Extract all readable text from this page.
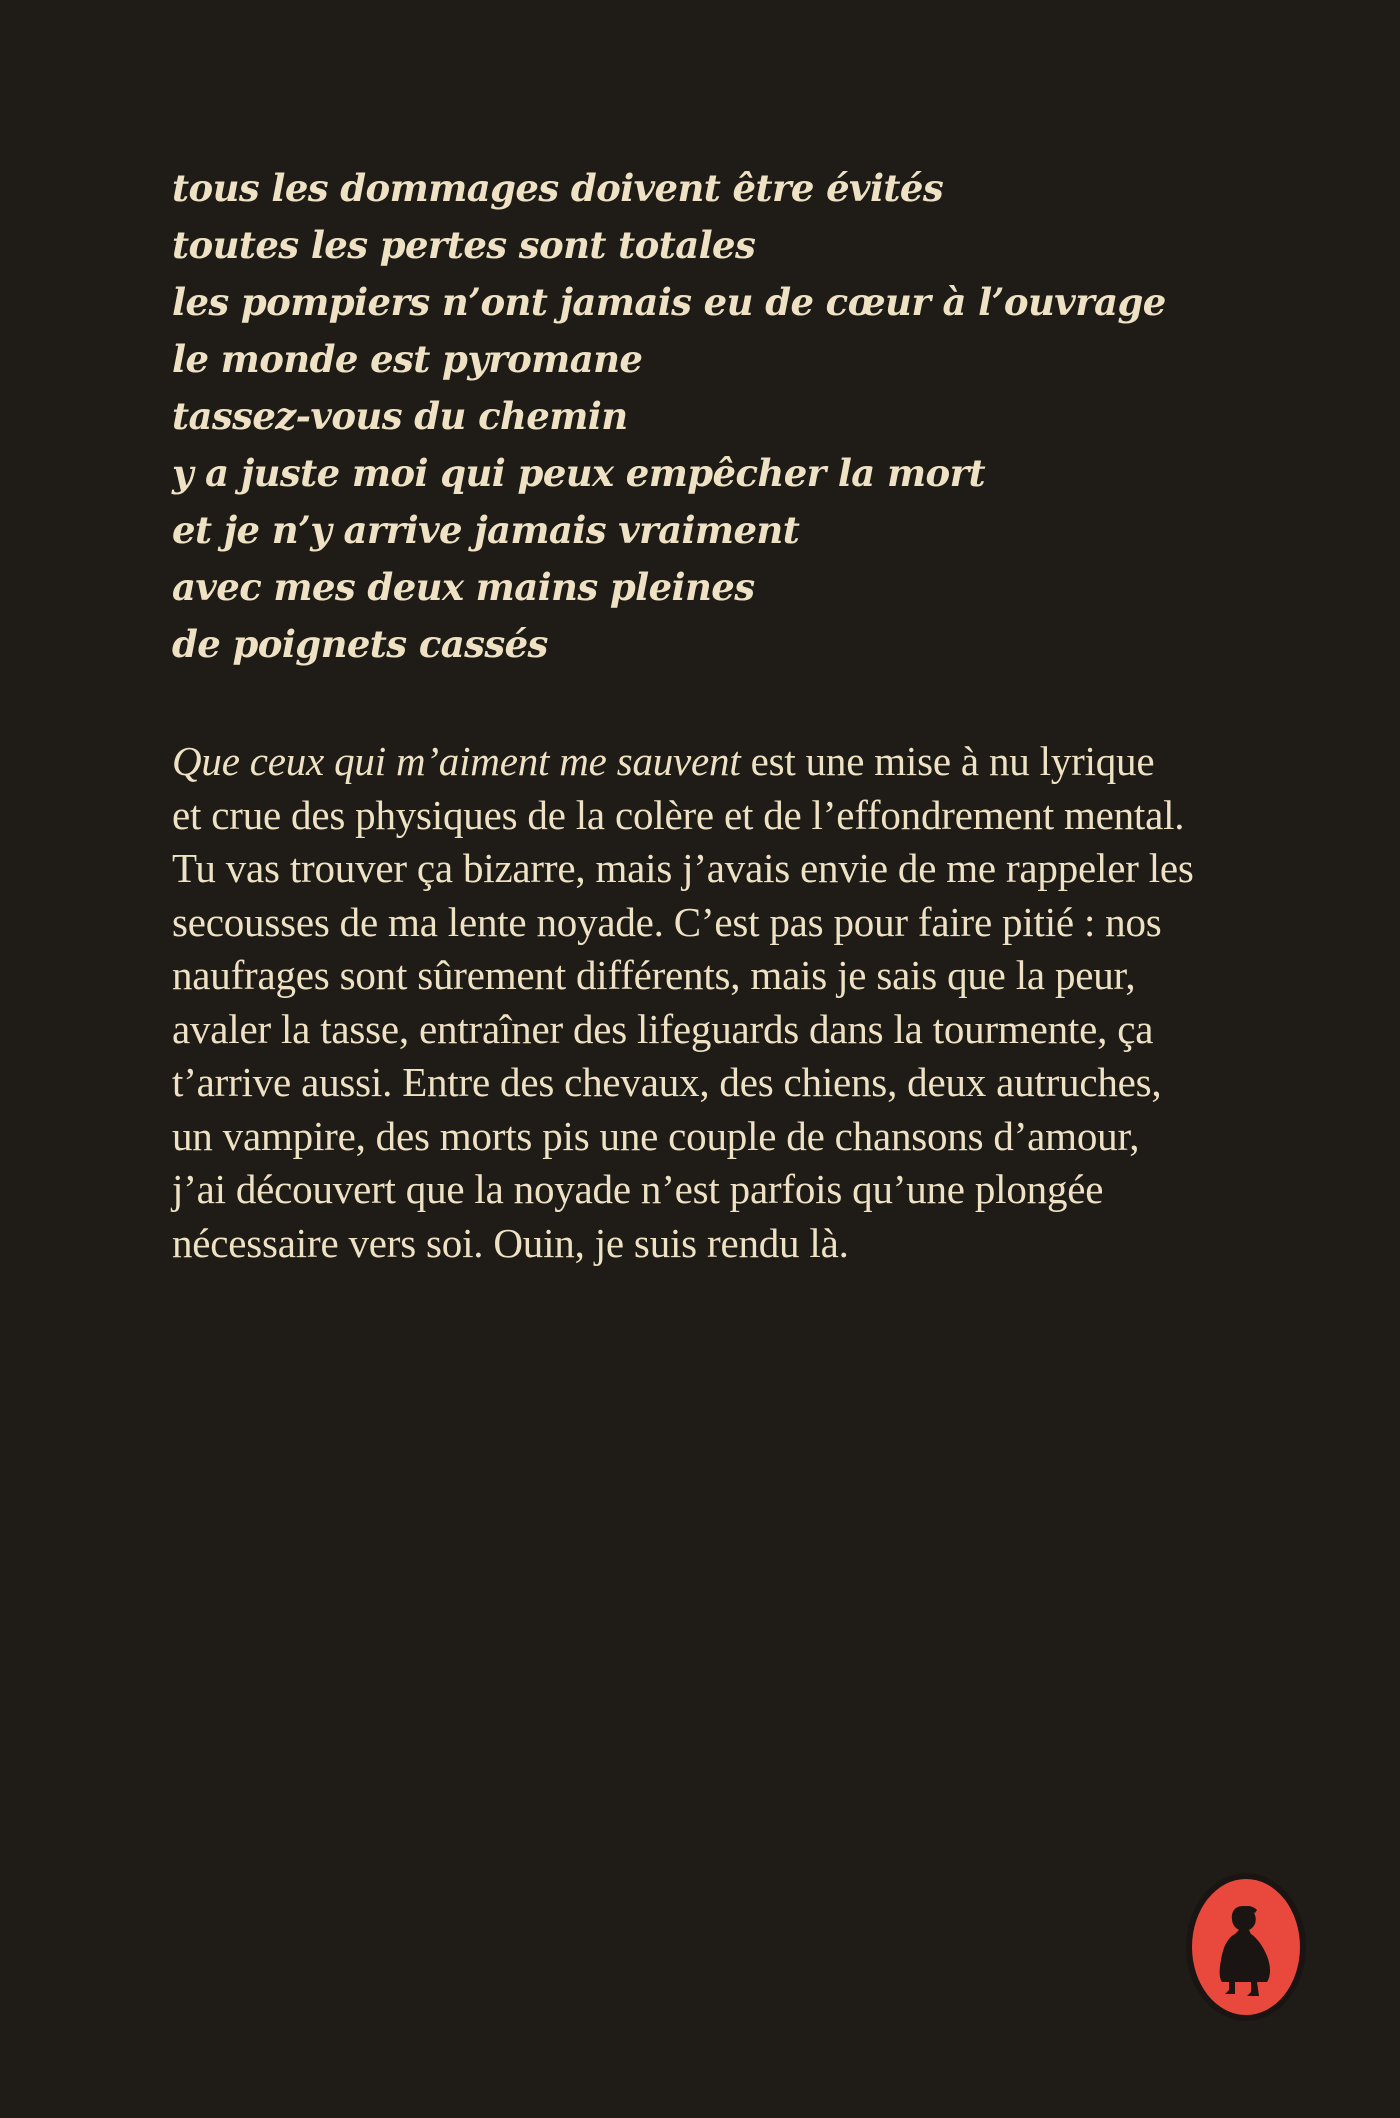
tous les dommages doivent être évités
toutes les pertes sont totales
les pompiers n’ont jamais eu de cœur à l’ouvrage
le monde est pyromane
tassez-vous du chemin
y a juste moi qui peux empêcher la mort
et je n’y arrive jamais vraiment
avec mes deux mains pleines
de poignets cassés
Que ceux qui m’aiment me sauvent est une mise à nu lyrique
et crue des physiques de la colère et de l’effondrement mental.
Tu vas trouver ça bizarre, mais j’avais envie de me rappeler les
secousses de ma lente noyade. C’est pas pour faire pitié : nos
naufrages sont sûrement différents, mais je sais que la peur,
avaler la tasse, entraîner des lifeguards dans la tourmente, ça
t’arrive aussi. Entre des chevaux, des chiens, deux autruches,
un vampire, des morts pis une couple de chansons d’amour,
j’ai découvert que la noyade n’est parfois qu’une plongée
nécessaire vers soi. Ouin, je suis rendu là.
